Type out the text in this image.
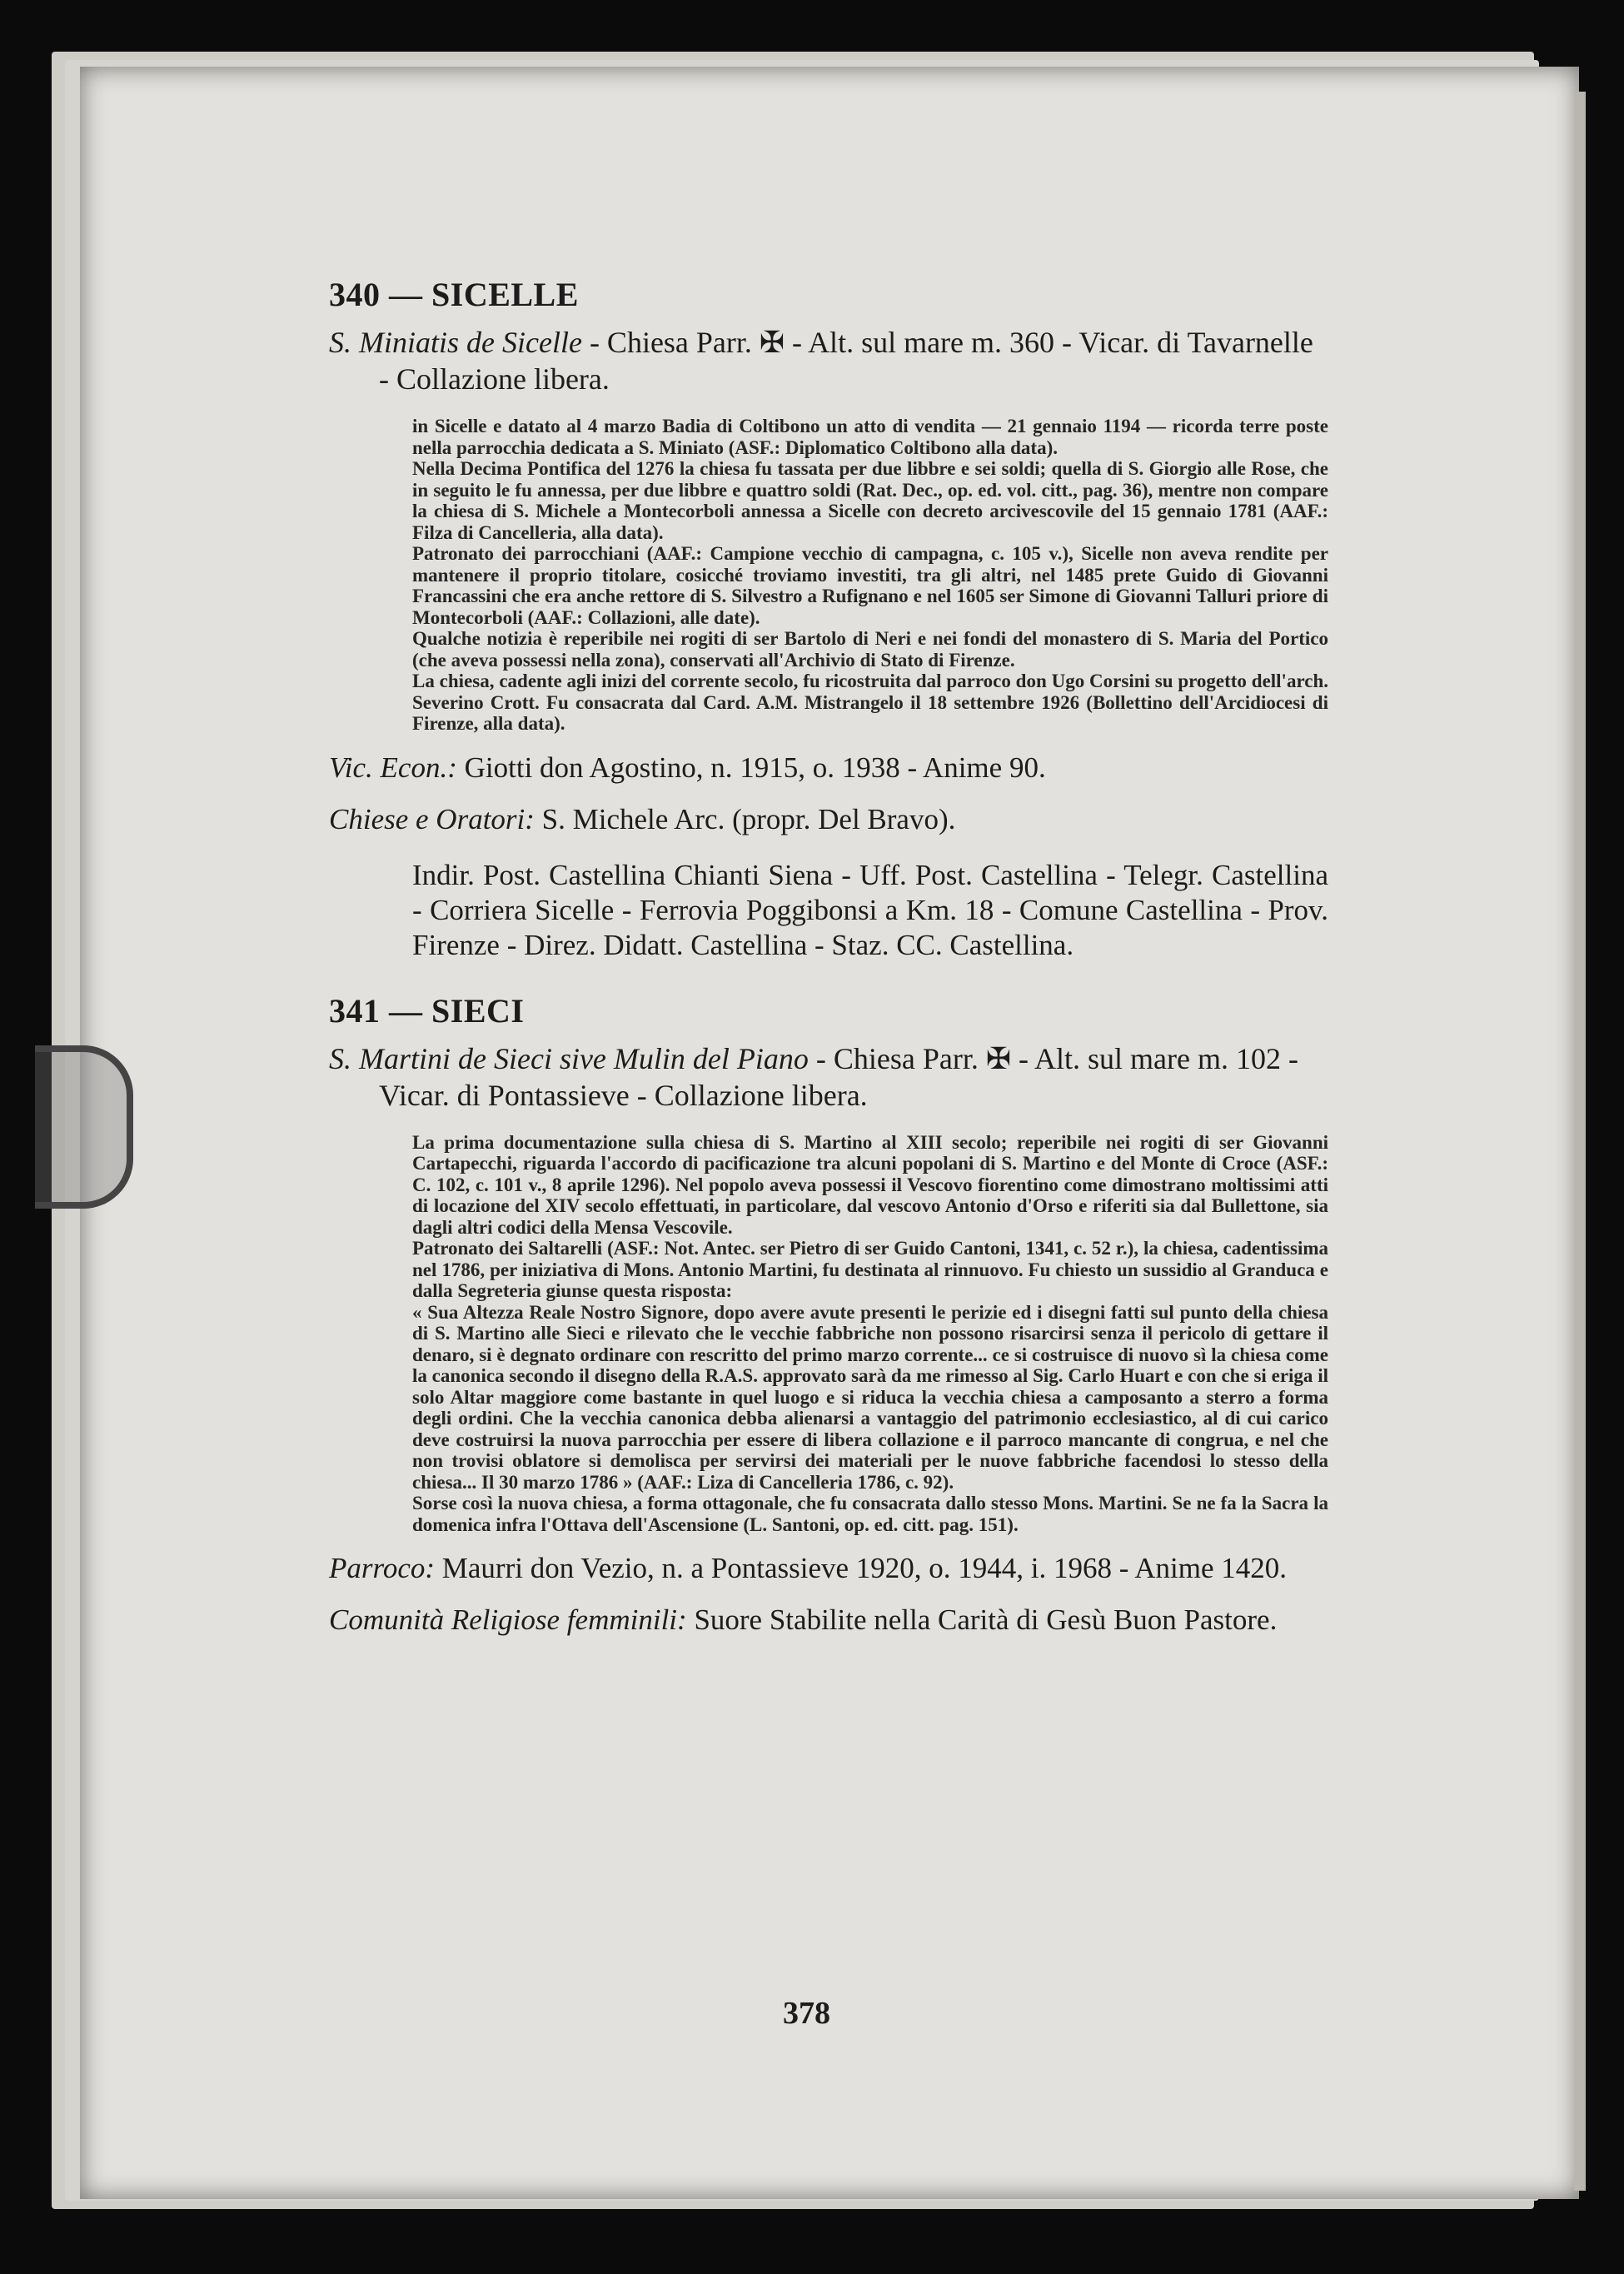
340 — SICELLE
S. Miniatis de Sicelle - Chiesa Parr. ✠ - Alt. sul mare m. 360 - Vicar. di Tavarnelle - Collazione libera.

in Sicelle e datato al 4 marzo Badia di Coltibono un atto di vendita — 21 gennaio 1194 — ricorda terre poste nella parrocchia dedicata a S. Miniato (ASF.: Diplomatico Coltibono alla data).

Nella Decima Pontifica del 1276 la chiesa fu tassata per due libbre e sei soldi; quella di S. Giorgio alle Rose, che in seguito le fu annessa, per due libbre e quattro soldi (Rat. Dec., op. ed. vol. citt., pag. 36), mentre non compare la chiesa di S. Michele a Montecorboli annessa a Sicelle con decreto arcivescovile del 15 gennaio 1781 (AAF.: Filza di Cancelleria, alla data).

Patronato dei parrocchiani (AAF.: Campione vecchio di campagna, c. 105 v.), Sicelle non aveva rendite per mantenere il proprio titolare, cosicché troviamo investiti, tra gli altri, nel 1485 prete Guido di Giovanni Francassini che era anche rettore di S. Silvestro a Rufignano e nel 1605 ser Simone di Giovanni Talluri priore di Montecorboli (AAF.: Collazioni, alle date).

Qualche notizia è reperibile nei rogiti di ser Bartolo di Neri e nei fondi del monastero di S. Maria del Portico (che aveva possessi nella zona), conservati all'Archivio di Stato di Firenze.

La chiesa, cadente agli inizi del corrente secolo, fu ricostruita dal parroco don Ugo Corsini su progetto dell'arch. Severino Crott. Fu consacrata dal Card. A.M. Mistrangelo il 18 settembre 1926 (Bollettino dell'Arcidiocesi di Firenze, alla data).

Vic. Econ.: Giotti don Agostino, n. 1915, o. 1938 - Anime 90.
Chiese e Oratori: S. Michele Arc. (propr. Del Bravo).
Indir. Post. Castellina Chianti Siena - Uff. Post. Castellina - Telegr. Castellina - Corriera Sicelle - Ferrovia Poggibonsi a Km. 18 - Comune Castellina - Prov. Firenze - Direz. Didatt. Castellina - Staz. CC. Castellina.
341 — SIECI
S. Martini de Sieci sive Mulin del Piano - Chiesa Parr. ✠ - Alt. sul mare m. 102 - Vicar. di Pontassieve - Collazione libera.

La prima documentazione sulla chiesa di S. Martino al XIII secolo; reperibile nei rogiti di ser Giovanni Cartapecchi, riguarda l'accordo di pacificazione tra alcuni popolani di S. Martino e del Monte di Croce (ASF.: C. 102, c. 101 v., 8 aprile 1296). Nel popolo aveva possessi il Vescovo fiorentino come dimostrano moltissimi atti di locazione del XIV secolo effettuati, in particolare, dal vescovo Antonio d'Orso e riferiti sia dal Bullettone, sia dagli altri codici della Mensa Vescovile.

Patronato dei Saltarelli (ASF.: Not. Antec. ser Pietro di ser Guido Cantoni, 1341, c. 52 r.), la chiesa, cadentissima nel 1786, per iniziativa di Mons. Antonio Martini, fu destinata al rinnuovo. Fu chiesto un sussidio al Granduca e dalla Segreteria giunse questa risposta:

« Sua Altezza Reale Nostro Signore, dopo avere avute presenti le perizie ed i disegni fatti sul punto della chiesa di S. Martino alle Sieci e rilevato che le vecchie fabbriche non possono risarcirsi senza il pericolo di gettare il denaro, si è degnato ordinare con rescritto del primo marzo corrente... ce si costruisce di nuovo sì la chiesa come la canonica secondo il disegno della R.A.S. approvato sarà da me rimesso al Sig. Carlo Huart e con che si eriga il solo Altar maggiore come bastante in quel luogo e si riduca la vecchia chiesa a camposanto a sterro a forma degli ordini. Che la vecchia canonica debba alienarsi a vantaggio del patrimonio ecclesiastico, al di cui carico deve costruirsi la nuova parrocchia per essere di libera collazione e il parroco mancante di congrua, e nel che non trovisi oblatore si demolisca per servirsi dei materiali per le nuove fabbriche facendosi lo stesso della chiesa... Il 30 marzo 1786 » (AAF.: Liza di Cancelleria 1786, c. 92).

Sorse così la nuova chiesa, a forma ottagonale, che fu consacrata dallo stesso Mons. Martini. Se ne fa la Sacra la domenica infra l'Ottava dell'Ascensione (L. Santoni, op. ed. citt. pag. 151).

Parroco: Maurri don Vezio, n. a Pontassieve 1920, o. 1944, i. 1968 - Anime 1420.
Comunità Religiose femminili: Suore Stabilite nella Carità di Gesù Buon Pastore.
378
